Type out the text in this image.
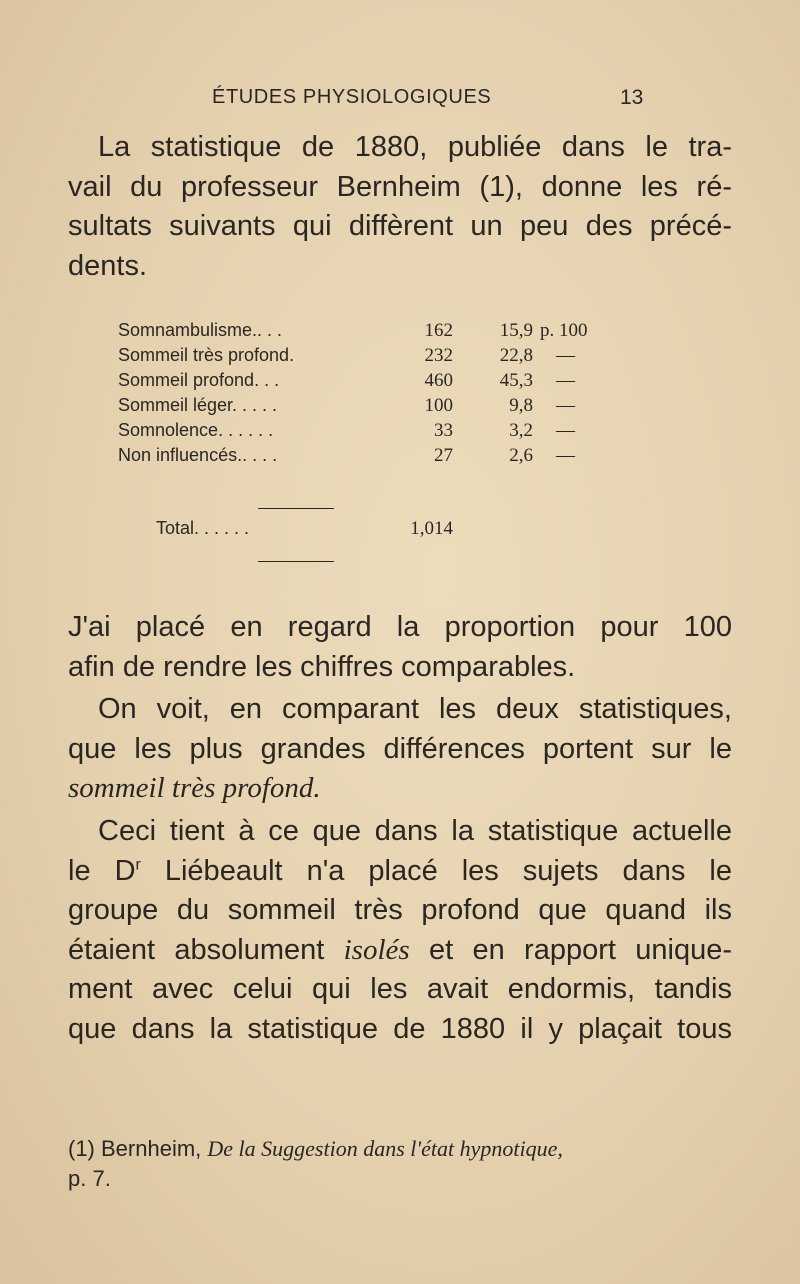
ÉTUDES PHYSIOLOGIQUES	13
La statistique de 1880, publiée dans le tra-
vail du professeur Bernheim (1), donne les ré-
sultats suivants qui diffèrent un peu des précé-
dents.
Somnambulisme.. . .	162 15,9 p. 100
Sommeil très profond.	232 22,8 —
Sommeil profond. . .	460 45,3 —
Sommeil léger. . . . .	100	9,8 —
Somnolence. . . . . .	33	3,2 —
Non influencés.. . . .	27	2,6 —
Total. . . . . .	1,014
J'ai placé en regard la proportion pour 100
afin de rendre les chiffres comparables.
On voit, en comparant les deux statistiques,
que les plus grandes différences portent sur le
sommeil très profond.
Ceci tient à ce que dans la statistique actuelle
le $D^r$ Liébeault n'a placé les sujets dans le
groupe du sommeil très profond que quand ils
étaient absolument isolés et en rapport unique-
ment avec celui qui les avait endormis, tandis
que dans la statistique de 1880 il y plaçait tous
(1) Bernheim, De la Suggestion dans l'état hypnotique,
p. 7.
